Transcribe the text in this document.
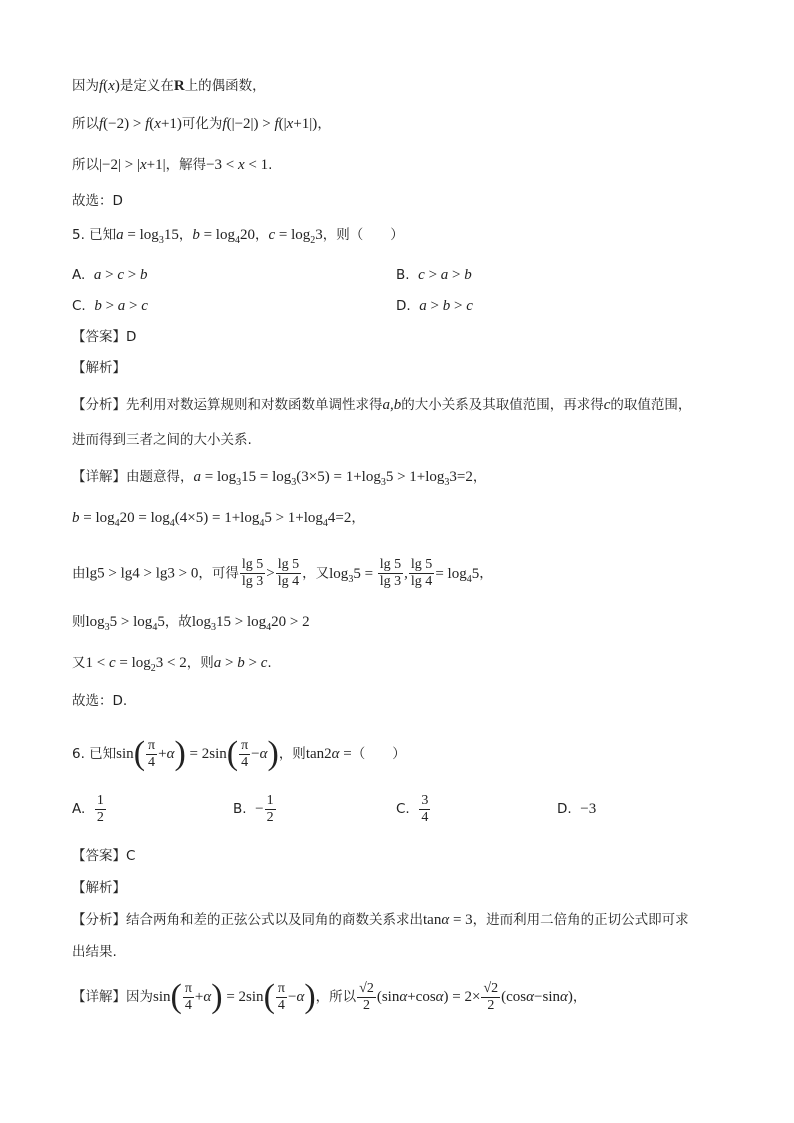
因为f(x)是定义在R上的偶函数，
所以f(−2) > f(x+1)可化为f(|−2|) > f(|x+1|)，
所以|−2| > |x+1|，解得−3 < x < 1.
故选：D
5. 已知$a = \log_315$，$b = \log_420$，$c = \log_23$，则（　　）
A.  a > c > b	B.  c > a > b
C.  b > a > c	D.  a > b > c
【答案】D
【解析】
【分析】先利用对数运算规则和对数函数单调性求得a,b的大小关系及其取值范围，再求得c的取值范围，
进而得到三者之间的大小关系.
【详解】由题意得，$a = \log_315 = \log_3(3\times 5) = 1+\log_35 > 1+\log_33=2$，
$b = \log_420 = \log_4(4\times 5) = 1+\log_45 > 1+\log_44=2$，
由lg5 > lg4 > lg3 > 0，可得 $\frac{\lg 5}{\lg 3} > \frac{\lg 5}{\lg 4}$ ，又$\log_35 = \frac{\lg 5}{\lg 3}$ , $\frac{\lg 5}{\lg 4} = \log_45$，
则$\log_35 > \log_45$，故$\log_315 > \log_420 > 2$
又$1 < c = \log_23 < 2$，则a > b > c.
故选：D.
6. 已知$\sin( \frac{\pi}{4} +\alpha) = 2\sin( \frac{\pi}{4} -\alpha)$，则tan2α =（　　）
A. $\frac{1}{2}$	B.  − $\frac{1}{2}$	C. $\frac{3}{4}$	D.  −3
【答案】C
【解析】
【分析】结合两角和差的正弦公式以及同角的商数关系求出tanα = 3，进而利用二倍角的正切公式即可求
出结果.
【详解】因为$\sin( \frac{\pi}{4} +\alpha) = 2\sin( \frac{\pi}{4} -\alpha)$，所以 $\frac{√2}{2} (\sin\alpha+\cos\alpha) = 2\times \frac{√2}{2} (\cos\alpha-\sin\alpha)$，
